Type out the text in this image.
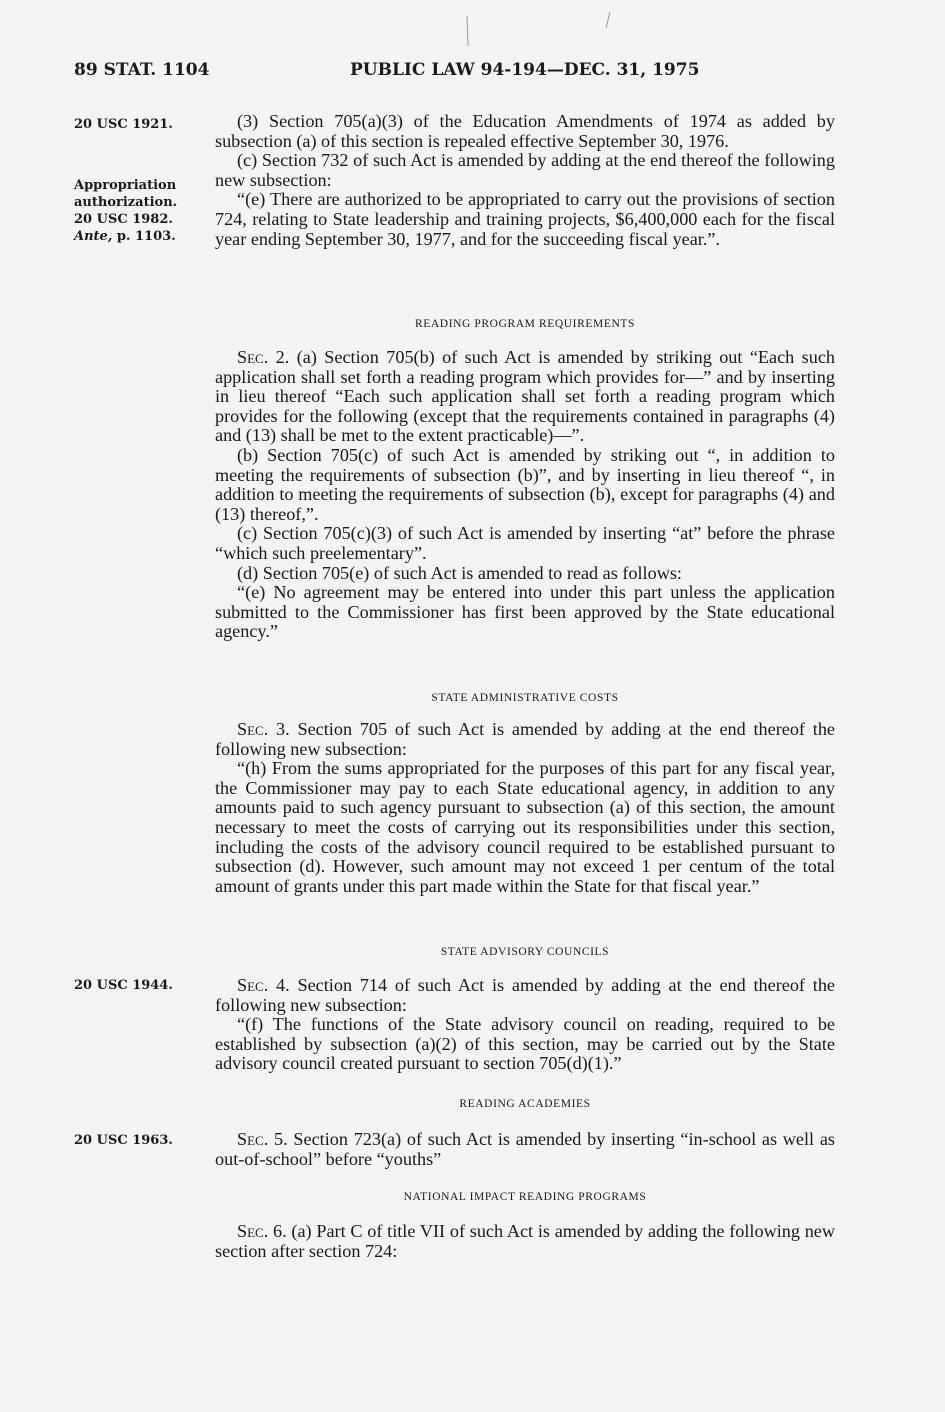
89 STAT. 1104	PUBLIC LAW 94-194—DEC. 31, 1975
20 USC 1921.
Appropriation
authorization.
20 USC 1982.
Ante, p. 1103.
20 USC 1944.
20 USC 1963.

(3) Section 705(a)(3) of the Education Amendments of 1974 as added by subsection (a) of this section is repealed effective September 30, 1976.

(c) Section 732 of such Act is amended by adding at the end thereof the following new subsection:

“(e) There are authorized to be appropriated to carry out the provisions of section 724, relating to State leadership and training projects, $6,400,000 each for the fiscal year ending September 30, 1977, and for the succeeding fiscal year.”.

READING PROGRAM REQUIREMENTS

Sec. 2. (a) Section 705(b) of such Act is amended by striking out “Each such application shall set forth a reading program which provides for—” and by inserting in lieu thereof “Each such application shall set forth a reading program which provides for the following (except that the requirements contained in paragraphs (4) and (13) shall be met to the extent practicable)—”.

(b) Section 705(c) of such Act is amended by striking out “, in addition to meeting the requirements of subsection (b)”, and by inserting in lieu thereof “, in addition to meeting the requirements of subsection (b), except for paragraphs (4) and (13) thereof,”.

(c) Section 705(c)(3) of such Act is amended by inserting “at” before the phrase “which such preelementary”.

(d) Section 705(e) of such Act is amended to read as follows:

“(e) No agreement may be entered into under this part unless the application submitted to the Commissioner has first been approved by the State educational agency.”

STATE ADMINISTRATIVE COSTS

Sec. 3. Section 705 of such Act is amended by adding at the end thereof the following new subsection:

“(h) From the sums appropriated for the purposes of this part for any fiscal year, the Commissioner may pay to each State educational agency, in addition to any amounts paid to such agency pursuant to subsection (a) of this section, the amount necessary to meet the costs of carrying out its responsibilities under this section, including the costs of the advisory council required to be established pursuant to subsection (d). However, such amount may not exceed 1 per centum of the total amount of grants under this part made within the State for that fiscal year.”

STATE ADVISORY COUNCILS

Sec. 4. Section 714 of such Act is amended by adding at the end thereof the following new subsection:

“(f) The functions of the State advisory council on reading, required to be established by subsection (a)(2) of this section, may be carried out by the State advisory council created pursuant to section 705(d)(1).”

READING ACADEMIES

Sec. 5. Section 723(a) of such Act is amended by inserting “in-school as well as out-of-school” before “youths”

NATIONAL IMPACT READING PROGRAMS

Sec. 6. (a) Part C of title VII of such Act is amended by adding the following new section after section 724:
